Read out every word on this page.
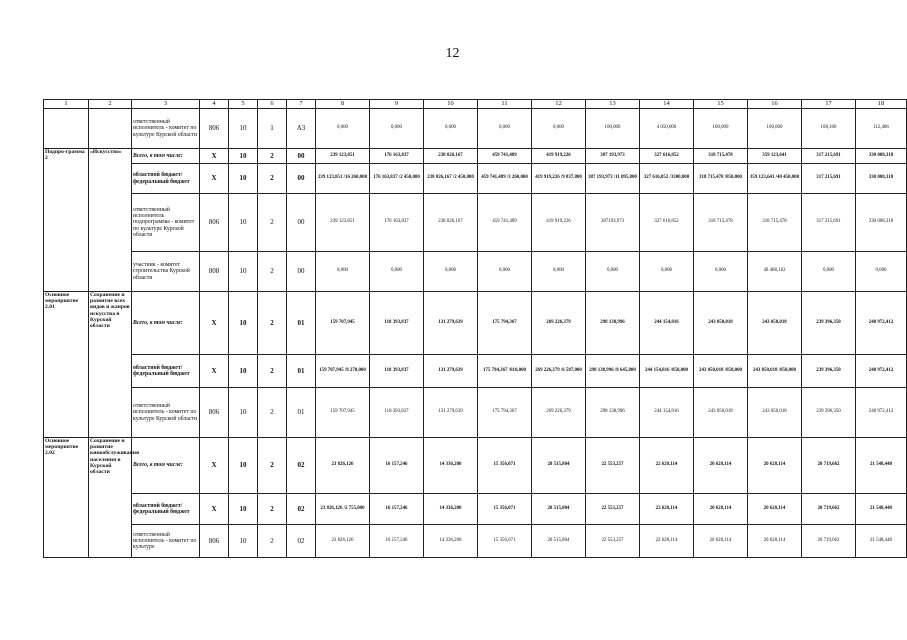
12
1	2	3	4	5	6	7	8	9	10	11	12	13	14	15	16	17	18
		ответственный исполнитель - комитет по культуре Курской области	806	10	1	А3	0,000	0,000	0,000	0,000	0,000	100,000	4 050,000	100,000	100,000	108,160	112,486
Подпро-грамма 2	«Искусство»	Всего, в том числе:	Х	10	2	00	239 123,851	176 163,837	238 026,167	459 741,489	419 919,226	387 193,973	327 616,852	318 715,478	359 123,641	317 215,691	330 008,318
		областной бюджет/ федеральный бюджет	Х	10	2	00	239 123,851 /16 260,000	176 163,837 /2 450,000	238 026,167 /2 450,000	459 741,489 /3 260,000	419 919,226 /9 837,800	387 193,973 /11 095,800	327 616,852 /3300,000	318 715,478 /850,000	359 123,641 /40 450,000	317 215,691	330 008,318
		ответственный исполнитель подпрограммы - комитет по культуре Курской области	806	10	2	00	239 123,851	176 163,837	238 026,167	459 741,489	419 919,226	387193,973	327 616,852	318 715,478	318 715,478	317 215,691	330 008,318
		участник - комитет строительства Курской области	808	10	2	00	0,000	0,000	0,000	0,000	0,000	0,000	0,000	0,000	40 408,163	0,000	0,000
Основное мероприятие 2.01	Сохранение и развитие всех видов и жанров искусства в Курской области	Всего, в том числе:	Х	10	2	01	159 707,945	118 393,837	131 279,639	175 794,367	269 226,379	298 138,996	244 154,816	243 050,018	243 050,018	239 396,350	248 972,412
		областной бюджет/ федеральный бюджет	Х	10	2	01	159 707,945 /8 270,000	118 393,837	131 279,639	175 794,367 /810,000	269 226,379 /6 587,000	298 138,996 /8 645,800	244 154,816 /850,000	243 050,018 /850,000	243 050,018 /850,000	239 396,350	248 972,412
		ответственный исполнитель - комитет по культуре Курской области	806	10	2	01	159 707,945	118 393,837	131 279,639	175 794,367	269 226,379	298 138,996	244 154,816	243 050,018	243 050,018	239 396,350	248 972,412
Основное мероприятие 2.02	Сохранение и развитие кинообслуживания населения в Курской области	Всего, в том числе:	Х	10	2	02	23 826,126	16 157,246	14 336,200	15 356,071	20 515,804	22 553,257	22 628,114	20 628,114	20 628,114	20 719,662	21 548,448
		областной бюджет/ федеральный бюджет	Х	10	2	02	23 826,126 /2 755,000	16 157,246	14 336,200	15 356,071	20 515,804	22 553,257	22 628,114	20 628,114	20 628,114	20 719,662	21 548,448
		ответственный исполнитель - комитет по культуре	806	10	2	02	23 826,126	16 157,246	14 336,200	15 356,071	20 515,804	22 553,257	22 628,114	20 628,114	20 628,114	20 719,662	21 548,448
